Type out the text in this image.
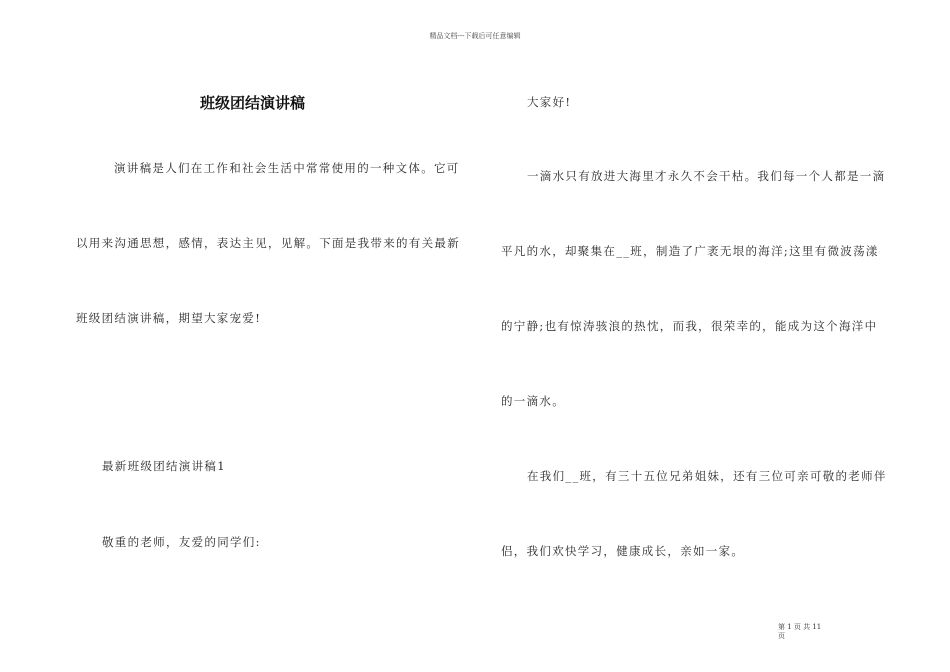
精品文档---下载后可任意编辑
班级团结演讲稿
演讲稿是人们在工作和社会生活中常常使用的一种文体。它可
以用来沟通思想，感情，表达主见，见解。下面是我带来的有关最新
班级团结演讲稿，期望大家宠爱!
最新班级团结演讲稿1
敬重的老师，友爱的同学们:
大家好!
一滴水只有放进大海里才永久不会干枯。我们每一个人都是一滴
平凡的水，却聚集在__班，制造了广袤无垠的海洋;这里有微波荡漾
的宁静;也有惊涛骇浪的热忱，而我，很荣幸的，能成为这个海洋中
的一滴水。
在我们__班，有三十五位兄弟姐妹，还有三位可亲可敬的老师伴
侣，我们欢快学习，健康成长，亲如一家。
第 1 页 共 11
页
